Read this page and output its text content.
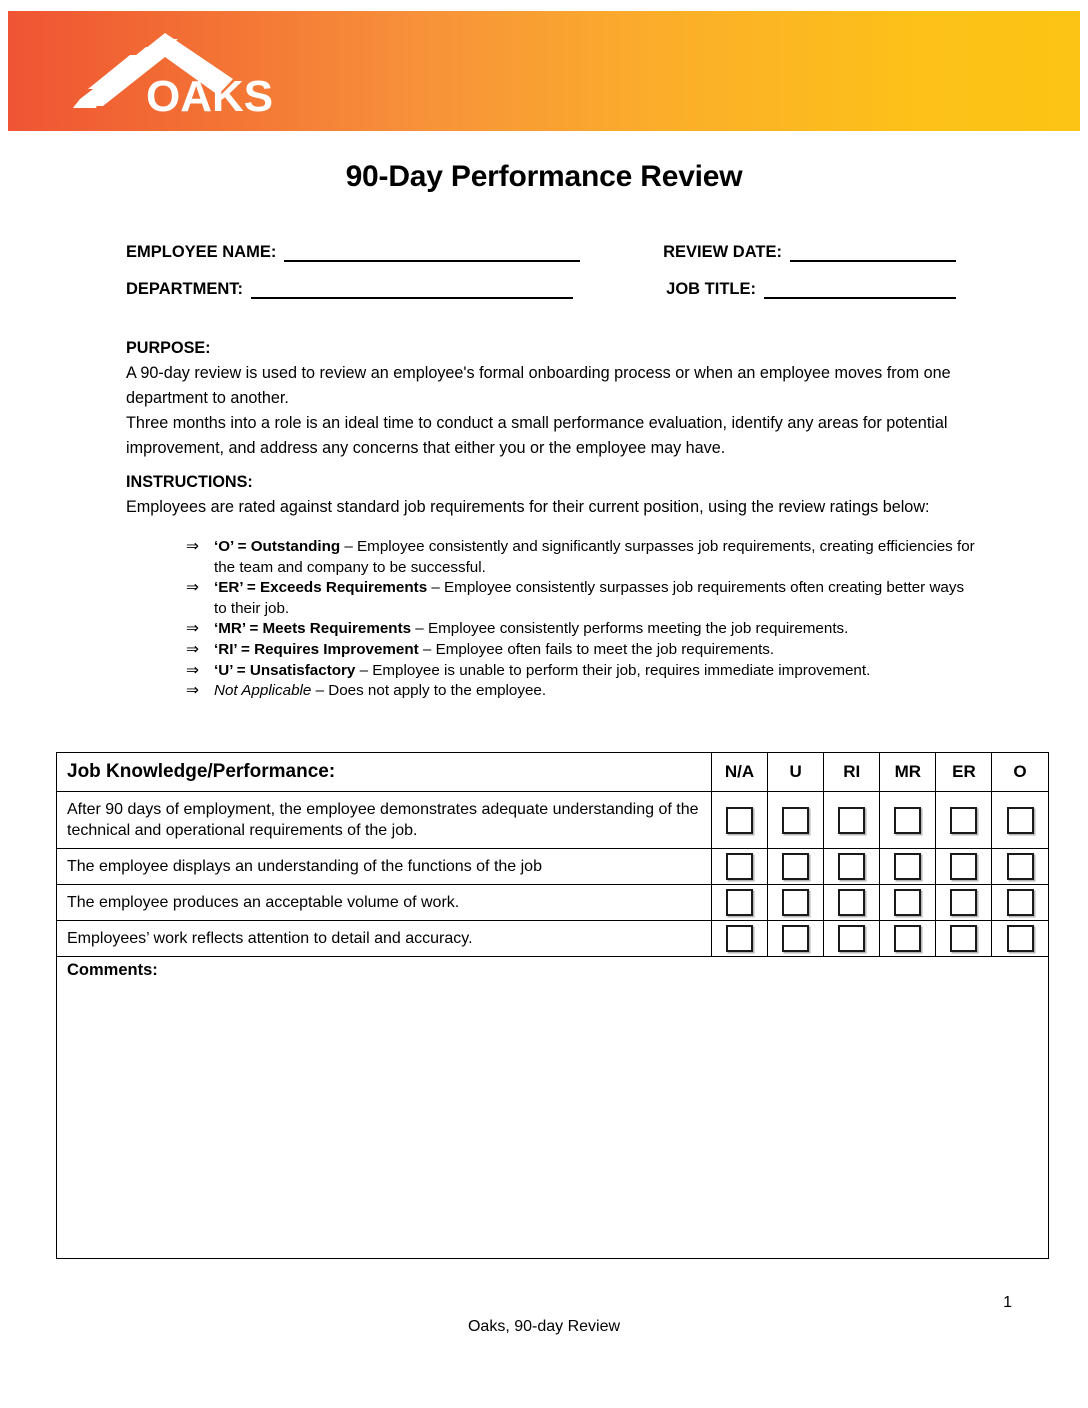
OAKS
90-Day Performance Review
EMPLOYEE NAME:	REVIEW DATE:
DEPARTMENT:	JOB TITLE:
PURPOSE:

A 90-day review is used to review an employee's formal onboarding process or when an employee moves from one department to another.

Three months into a role is an ideal time to conduct a small performance evaluation, identify any areas for potential improvement, and address any concerns that either you or the employee may have.

INSTRUCTIONS:

Employees are rated against standard job requirements for their current position, using the review ratings below:

⇒ ‘O’ = Outstanding – Employee consistently and significantly surpasses job requirements, creating efficiencies for the team and company to be successful.
⇒ ‘ER’ = Exceeds Requirements – Employee consistently surpasses job requirements often creating better ways to their job.
⇒ ‘MR’ = Meets Requirements – Employee consistently performs meeting the job requirements.
⇒ ‘RI’ = Requires Improvement – Employee often fails to meet the job requirements.
⇒ ‘U’ = Unsatisfactory – Employee is unable to perform their job, requires immediate improvement.
⇒ Not Applicable – Does not apply to the employee.
Job Knowledge/Performance:	N/A	U	RI	MR	ER	O
After 90 days of employment, the employee demonstrates adequate understanding of the technical and operational requirements of the job.						
The employee displays an understanding of the functions of the job						
The employee produces an acceptable volume of work.						
Employees’ work reflects attention to detail and accuracy.						
Comments:						

1
Oaks, 90-day Review
